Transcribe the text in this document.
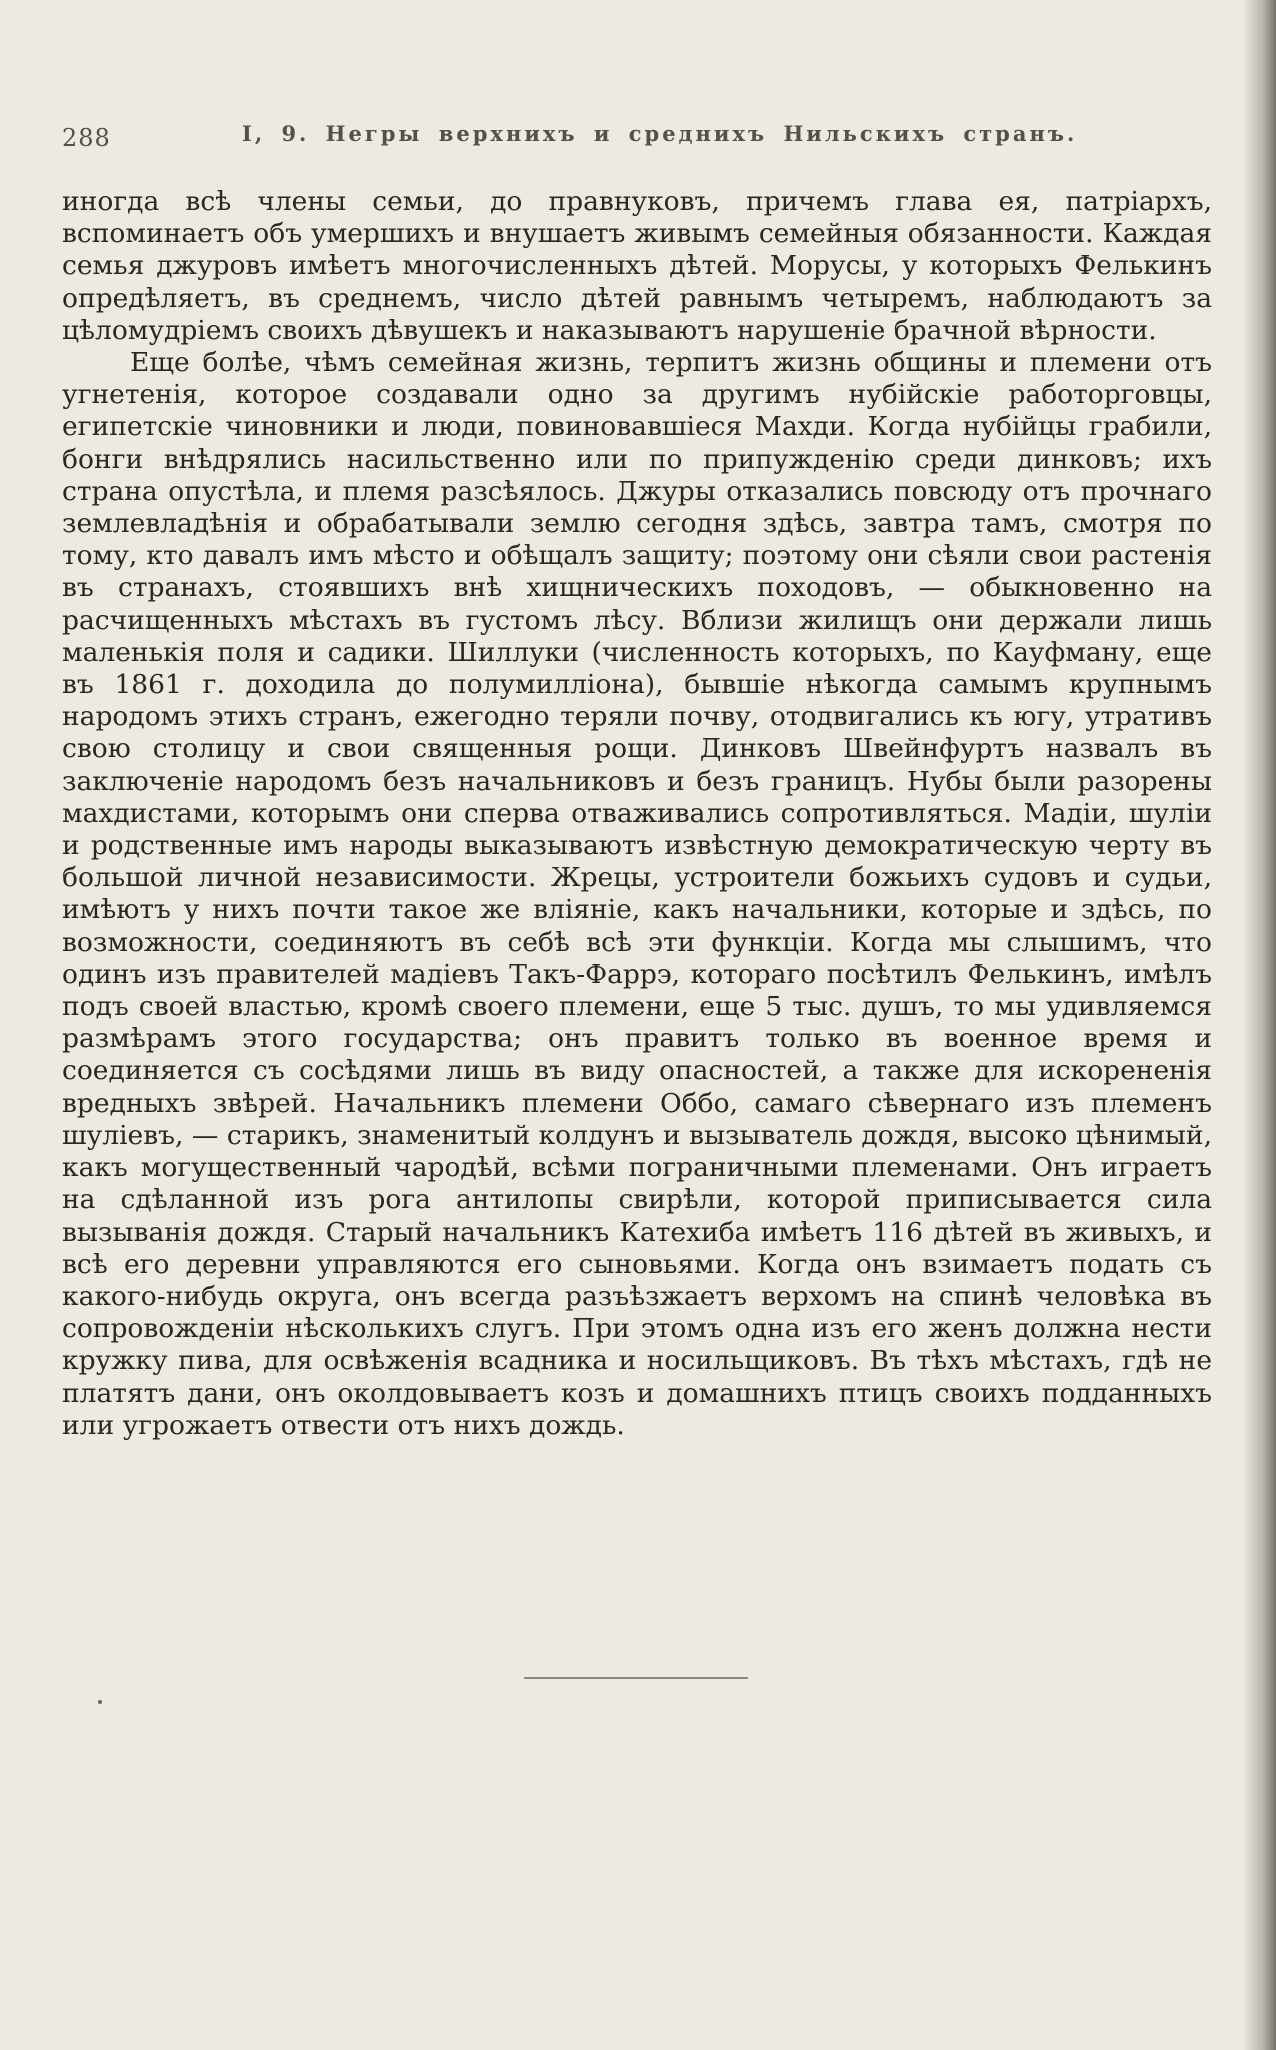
288	I, 9. Негры верхнихъ и среднихъ Нильскихъ странъ.

иногда всѣ члены семьи, до правнуковъ, причемъ глава ея, патріархъ, вспоминаетъ объ умершихъ и внушаетъ живымъ семейныя обязанности. Каждая семья джуровъ имѣетъ многочисленныхъ дѣтей. Морусы, у которыхъ Фелькинъ опредѣляетъ, въ среднемъ, число дѣтей равнымъ четыремъ, наблюдаютъ за цѣломудріемъ своихъ дѣвушекъ и наказываютъ нарушеніе брачной вѣрности.

Еще болѣе, чѣмъ семейная жизнь, терпитъ жизнь общины и племени отъ угнетенія, которое создавали одно за другимъ нубійскіе работорговцы, египетскіе чиновники и люди, повиновавшіеся Махди. Когда нубійцы грабили, бонги внѣдрялись насильственно или по припужденію среди динковъ; ихъ страна опустѣла, и племя разсѣялось. Джуры отказались повсюду отъ прочнаго землевладѣнія и обрабатывали землю сегодня здѣсь, завтра тамъ, смотря по тому, кто давалъ имъ мѣсто и обѣщалъ защиту; поэтому они сѣяли свои растенія въ странахъ, стоявшихъ внѣ хищническихъ походовъ, — обыкновенно на расчищенныхъ мѣстахъ въ густомъ лѣсу. Вблизи жилищъ они держали лишь маленькія поля и садики. Шиллуки (численность которыхъ, по Кауфману, еще въ 1861 г. доходила до полумилліона), бывшіе нѣкогда самымъ крупнымъ народомъ этихъ странъ, ежегодно теряли почву, отодвигались къ югу, утративъ свою столицу и свои священныя рощи. Динковъ Швейнфуртъ назвалъ въ заключеніе народомъ безъ начальниковъ и безъ границъ. Нубы были разорены махдистами, которымъ они сперва отваживались сопротивляться. Мадіи, шуліи и родственные имъ народы выказываютъ извѣстную демократическую черту въ большой личной независимости. Жрецы, устроители божьихъ судовъ и судьи, имѣютъ у нихъ почти такое же вліяніе, какъ начальники, которые и здѣсь, по возможности, соединяютъ въ себѣ всѣ эти функціи. Когда мы слышимъ, что одинъ изъ правителей мадіевъ Такъ-Фаррэ, котораго посѣтилъ Фелькинъ, имѣлъ подъ своей властью, кромѣ своего племени, еще 5 тыс. душъ, то мы удивляемся размѣрамъ этого государства; онъ правитъ только въ военное время и соединяется съ сосѣдями лишь въ виду опасностей, а также для искорененія вредныхъ звѣрей. Начальникъ племени Оббо, самаго сѣвернаго изъ племенъ шуліевъ, — старикъ, знаменитый колдунъ и вызыватель дождя, высоко цѣнимый, какъ могущественный чародѣй, всѣми пограничными племенами. Онъ играетъ на сдѣланной изъ рога антилопы свирѣли, которой приписывается сила вызыванія дождя. Старый начальникъ Катехиба имѣетъ 116 дѣтей въ живыхъ, и всѣ его деревни управляются его сыновьями. Когда онъ взимаетъ подать съ какого-нибудь округа, онъ всегда разъѣзжаетъ верхомъ на спинѣ человѣка въ сопровожденіи нѣсколькихъ слугъ. При этомъ одна изъ его женъ должна нести кружку пива, для освѣженія всадника и носильщиковъ. Въ тѣхъ мѣстахъ, гдѣ не платятъ дани, онъ околдовываетъ козъ и домашнихъ птицъ своихъ подданныхъ или угрожаетъ отвести отъ нихъ дождь.
